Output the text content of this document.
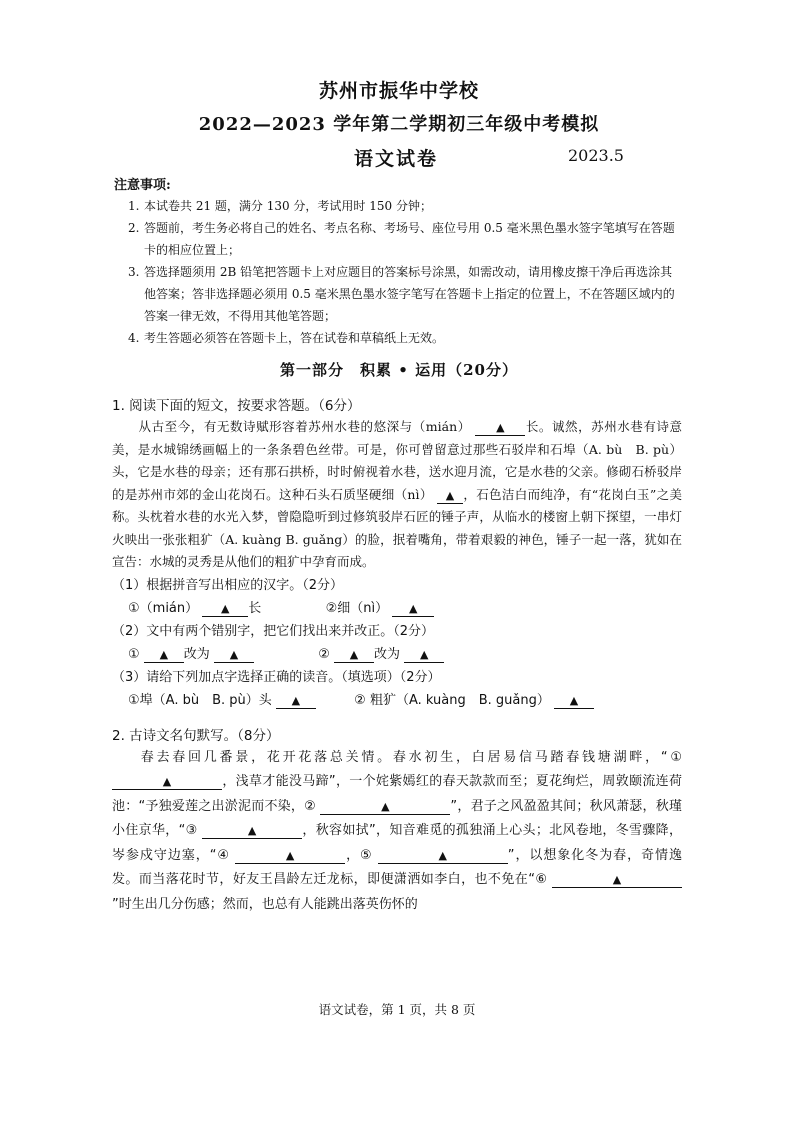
苏州市振华中学校
2022—2023 学年第二学期初三年级中考模拟
语文试卷	2023.5
注意事项:
1. 本试卷共 21 题，满分 130 分，考试用时 150 分钟；
2. 答题前，考生务必将自己的姓名、考点名称、考场号、座位号用 0.5 毫米黑色墨水签字笔填写在答题卡的相应位置上；
3. 答选择题须用 2B 铅笔把答题卡上对应题目的答案标号涂黑，如需改动，请用橡皮擦干净后再选涂其他答案；答非选择题必须用 0.5 毫米黑色墨水签字笔写在答题卡上指定的位置上，不在答题区域内的答案一律无效，不得用其他笔答题；
4. 考生答题必须答在答题卡上，答在试卷和草稿纸上无效。
第一部分　积累 • 运用（20分）
1. 阅读下面的短文，按要求答题。（6分）
从古至今，有无数诗赋形容着苏州水巷的悠深与（mián） ▲ 长。诚然，苏州水巷有诗意美，是水城锦绣画幅上的一条条碧色丝带。可是，你可曾留意过那些石驳岸和石埠（A. bù　B. pù）头，它是水巷的母亲；还有那石拱桥，时时俯视着水巷，送水迎月流，它是水巷的父亲。修砌石桥驳岸的是苏州市郊的金山花岗石。这种石头石质坚硬细（nì） ▲ ，石色洁白而纯净，有“花岗白玉”之美称。头枕着水巷的水光入梦，曾隐隐听到过修筑驳岸石匠的锤子声，从临水的楼窗上朝下探望，一串灯火映出一张张粗犷（A. kuàng B. guǎng）的脸，抿着嘴角，带着艰毅的神色，锤子一起一落，犹如在宣告：水城的灵秀是从他们的粗犷中孕育而成。
（1）根据拼音写出相应的汉字。（2分）
①（mián） ▲ 长	②细（nì） ▲
（2）文中有两个错别字，把它们找出来并改正。（2分）
① ▲ 改为 ▲	② ▲ 改为 ▲
（3）请给下列加点字选择正确的读音。（填选项）（2分）
①埠（A. bù　B. pù）头 ▲	② 粗犷（A. kuàng　B. guǎng） ▲
2. 古诗文名句默写。（8分）
春去春回几番景，花开花落总关情。春水初生，白居易信马踏春钱塘湖畔，“① ▲	，浅草才能没马蹄”，一个姹紫嫣红的春天款款而至；夏花绚烂，周敦颐流连荷池：“予独爱莲之出淤泥而不染，②	▲	”，君子之风盈盈其间；秋风萧瑟，秋瑾小住京华，“③	▲	，秋容如拭”，知音难觅的孤独涌上心头；北风卷地，冬雪骤降，岑参戍守边塞，“④	▲	，⑤	▲	”，以想象化冬为春，奇情逸发。而当落花时节，好友王昌龄左迁龙标，即便潇洒如李白，也不免在“⑥	▲”时生出几分伤感；然而，也总有人能跳出落英伤怀的
语文试卷，第 1 页，共 8 页
